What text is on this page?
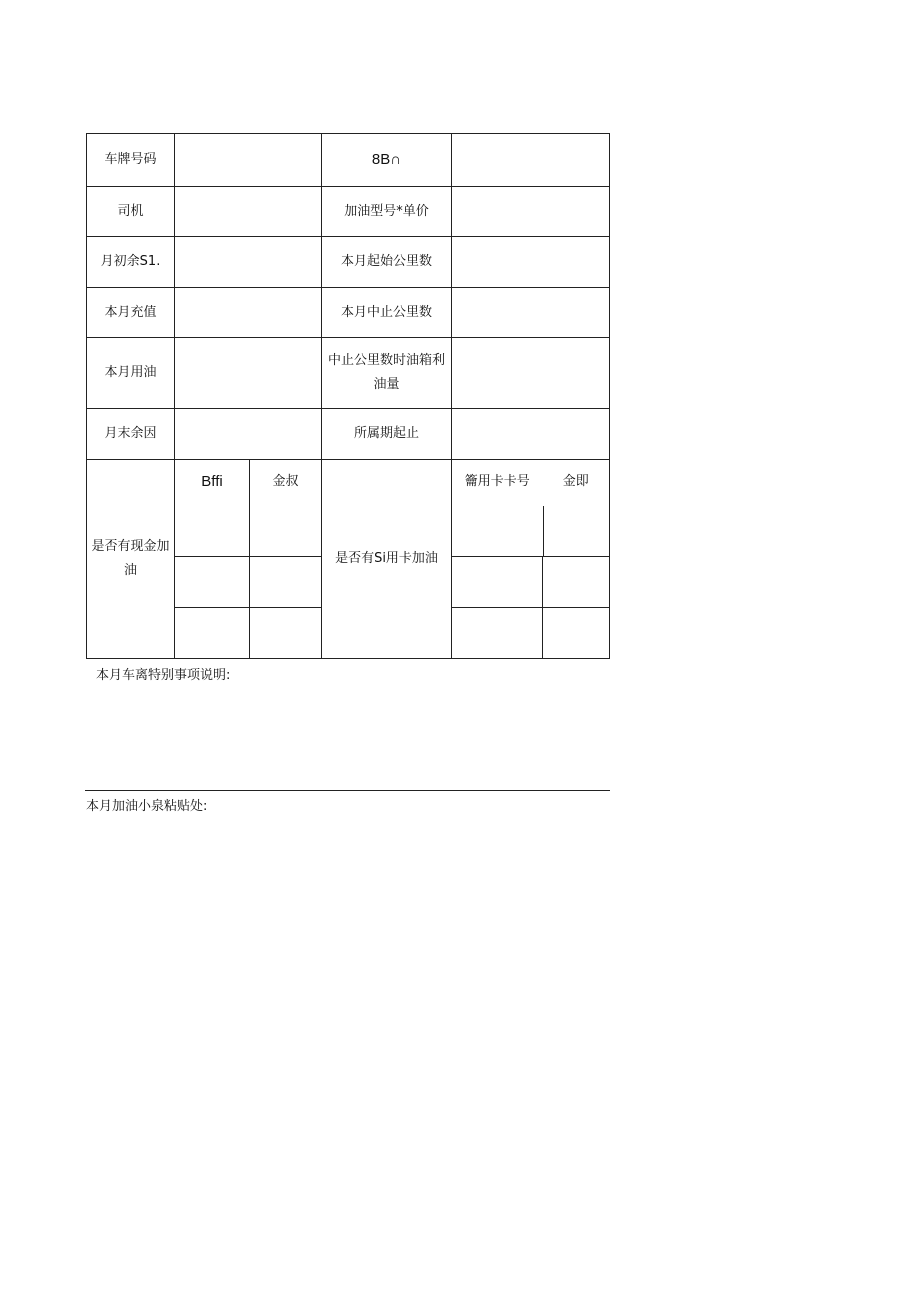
车牌号码			8B∩		
司机			加油型号*单价		
月初余S1.			本月起始公里数		
本月充值			本月中止公里数		
本月用油			中止公里数时油箱利油量		
月末余因			所属期起止		
是否有现金加油	Bffi	金叔	是否有Si用卡加油	籥用卡卡号	金即

本月车离特别事项说明:
本月加油小泉粘贴处:
